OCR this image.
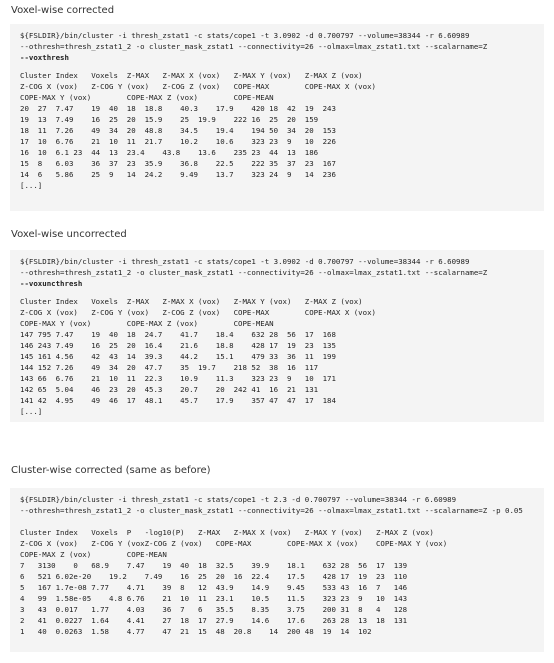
Voxel-wise corrected
${FSLDIR}/bin/cluster -i thresh_zstat1 -c stats/cope1 -t 3.0902 -d 0.700797 --volume=38344 -r 6.60989
--othresh=thresh_zstat1_2 -o cluster_mask_zstat1 --connectivity=26 --olmax=lmax_zstat1.txt --scalarname=Z
--voxthresh
Cluster Index   Voxels  Z-MAX   Z-MAX X (vox)   Z-MAX Y (vox)   Z-MAX Z (vox)
Z-COG X (vox)   Z-COG Y (vox)   Z-COG Z (vox)   COPE-MAX        COPE-MAX X (vox)
COPE-MAX Y (vox)        COPE-MAX Z (vox)        COPE-MEAN
20  27  7.47    19  40  18  18.8    40.3    17.9    420 18  42  19  243
19  13  7.49    16  25  20  15.9    25  19.9    222 16  25  20  159
18  11  7.26    49  34  20  48.8    34.5    19.4    194 50  34  20  153
17  10  6.76    21  10  11  21.7    10.2    10.6    323 23  9   10  226
16  10  6.1 23  44  13  23.4    43.8    13.6    235 23  44  13  186
15  8   6.03    36  37  23  35.9    36.8    22.5    222 35  37  23  167
14  6   5.86    25  9   14  24.2    9.49    13.7    323 24  9   14  236
[...]
Voxel-wise uncorrected
${FSLDIR}/bin/cluster -i thresh_zstat1 -c stats/cope1 -t 3.0902 -d 0.700797 --volume=38344 -r 6.60989
--othresh=thresh_zstat1_2 -o cluster_mask_zstat1 --connectivity=26 --olmax=lmax_zstat1.txt --scalarname=Z
--voxuncthresh
Cluster Index   Voxels  Z-MAX   Z-MAX X (vox)   Z-MAX Y (vox)   Z-MAX Z (vox)
Z-COG X (vox)   Z-COG Y (vox)   Z-COG Z (vox)   COPE-MAX        COPE-MAX X (vox)
COPE-MAX Y (vox)        COPE-MAX Z (vox)        COPE-MEAN
147 795 7.47    19  40  18  24.7    41.7    18.4    632 28  56  17  168
146 243 7.49    16  25  20  16.4    21.6    18.8    428 17  19  23  135
145 161 4.56    42  43  14  39.3    44.2    15.1    479 33  36  11  199
144 152 7.26    49  34  20  47.7    35  19.7    218 52  38  16  117
143 66  6.76    21  10  11  22.3    10.9    11.3    323 23  9   10  171
142 65  5.04    46  23  20  45.3    20.7    20  242 41  16  21  131
141 42  4.95    49  46  17  48.1    45.7    17.9    357 47  47  17  184
[...]
Cluster-wise corrected (same as before)
${FSLDIR}/bin/cluster -i thresh_zstat1 -c stats/cope1 -t 2.3 -d 0.700797 --volume=38344 -r 6.60989
--othresh=thresh_zstat1_2 -o cluster_mask_zstat1 --connectivity=26 --olmax=lmax_zstat1.txt --scalarname=Z -p 0.05
Cluster Index   Voxels  P   -log10(P)   Z-MAX   Z-MAX X (vox)   Z-MAX Y (vox)   Z-MAX Z (vox)
Z-COG X (vox)   Z-COG Y (voxZ-COG Z (vox)   COPE-MAX        COPE-MAX X (vox)    COPE-MAX Y (vox)
COPE-MAX Z (vox)        COPE-MEAN
7   3130    0   68.9    7.47    19  40  18  32.5    39.9    18.1    632 28  56  17  139
6   521 6.02e-20    19.2    7.49    16  25  20  16  22.4    17.5    428 17  19  23  110
5   167 1.7e-08 7.77    4.71    39  8   12  43.9    14.9    9.45    533 43  16  7   146
4   99  1.58e-05    4.8 6.76    21  10  11  23.1    10.5    11.5    323 23  9   10  143
3   43  0.017   1.77    4.03    36  7   6   35.5    8.35    3.75    200 31  8   4   128
2   41  0.0227  1.64    4.41    27  18  17  27.9    14.6    17.6    263 28  13  18  131
1   40  0.0263  1.58    4.77    47  21  15  48  20.8    14  200 48  19  14  102
